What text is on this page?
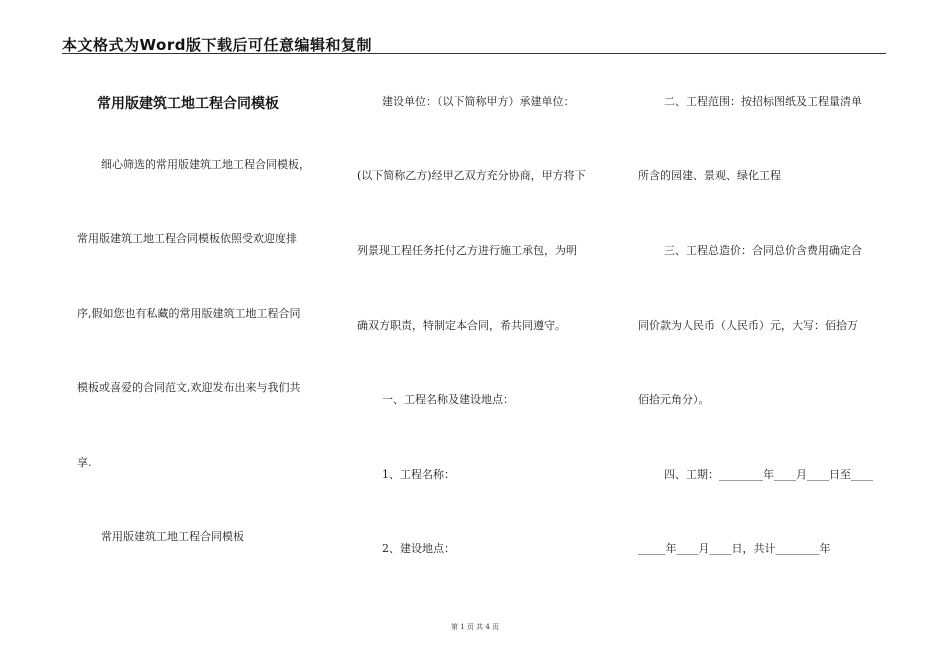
本文格式为Word版下载后可任意编辑和复制
常用版建筑工地工程合同模板
细心筛选的常用版建筑工地工程合同模板，
常用版建筑工地工程合同模板依照受欢迎度排
序,假如您也有私藏的常用版建筑工地工程合同
模板或喜爱的合同范文,欢迎发布出来与我们共
享.
常用版建筑工地工程合同模板
建设单位：（以下简称甲方）承建单位：
(以下简称乙方)经甲乙双方充分协商，甲方将下
列景现工程任务托付乙方进行施工承包，为明
确双方职责，特制定本合同，希共同遵守。
一、工程名称及建设地点：
1、工程名称：
2、建设地点：
二、工程范围：按招标图纸及工程量清单
所含的园建、景观、绿化工程
三、工程总造价：合同总价含费用确定合
同价款为人民币（人民币）元，大写：佰拾万
佰拾元角分）。
四、工期：________年____月____日至____
_____年____月____日，共计________年
第 1 页 共 4 页
